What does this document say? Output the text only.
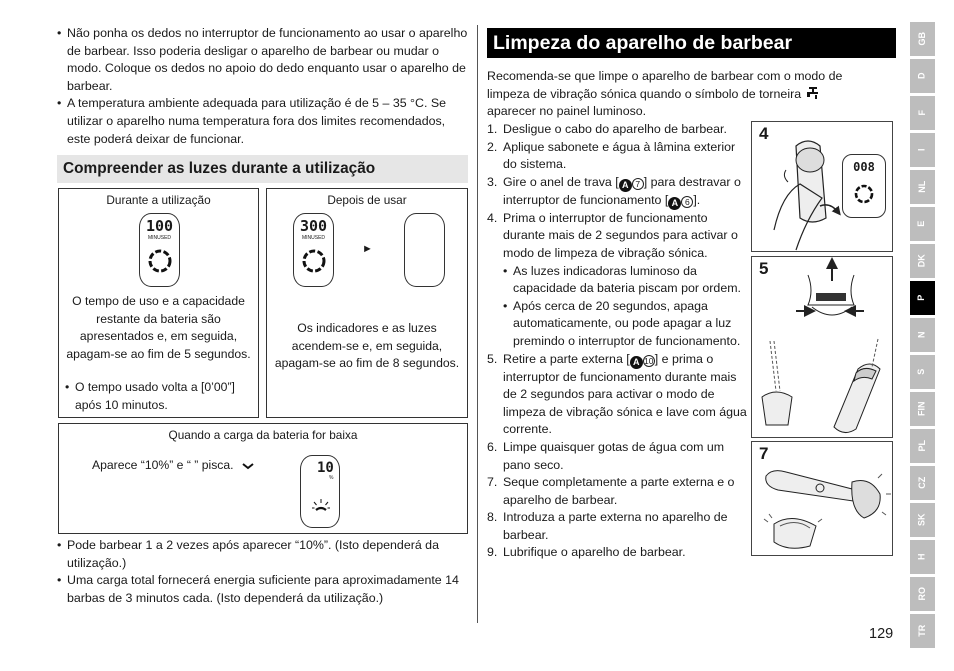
• Não ponha os dedos no interruptor de funcionamento ao usar o aparelho de barbear. Isso poderia desligar o aparelho de barbear ou mudar o modo. Coloque os dedos no apoio do dedo enquanto usar o aparelho de barbear.
• A temperatura ambiente adequada para utilização é de 5 – 35 °C. Se utilizar o aparelho numa temperatura fora dos limites recomendados, este poderá deixar de funcionar.
Compreender as luzes durante a utilização
Durante a utilização
100
MINUSED
O tempo de uso e a capacidade restante da bateria são apresentados e, em seguida, apagam-se ao fim de 5 segundos.
• O tempo usado volta a [0’00”] após 10 minutos.
Depois de usar
300
MINUSED
►
Os indicadores e as luzes acendem-se e, em seguida, apagam-se ao fim de 8 segundos.
Quando a carga da bateria for baixa
Aparece “10%” e “ ” pisca.	10
%
• Pode barbear 1 a 2 vezes após aparecer “10%”. (Isto dependerá da utilização.)
• Uma carga total fornecerá energia suficiente para aproximadamente 14 barbas de 3 minutos cada. (Isto dependerá da utilização.)
Limpeza do aparelho de barbear
Recomenda-se que limpe o aparelho de barbear com o modo de limpeza de vibração sónica quando o símbolo de torneira
aparecer no painel luminoso.
1. Desligue o cabo do aparelho de barbear.
2. Aplique sabonete e água à lâmina exterior do sistema.
3. Gire o anel de trava [ A 7 ] para destravar o interruptor de funcionamento [ A 6 ].
4. Prima o interruptor de funcionamento durante mais de 2 segundos para activar o modo de limpeza de vibração sónica.
• As luzes indicadoras luminoso da capacidade da bateria piscam por ordem.
• Após cerca de 20 segundos, apaga automaticamente, ou pode apagar a luz premindo o interruptor de funcionamento.
5. Retire a parte externa [ A 10] e prima o interruptor de funcionamento durante mais de 2 segundos para activar o modo de limpeza de vibração sónica e lave com água corrente.
6. Limpe quaisquer gotas de água com um pano seco.
7. Seque completamente a parte externa e o aparelho de barbear.
8. Introduza a parte externa no aparelho de barbear.
9. Lubrifique o aparelho de barbear.
4
008
5
7
GB
D
F
I
NL
E
DK
P
N
S
FIN
PL
CZ
SK
H
RO
TR
129
